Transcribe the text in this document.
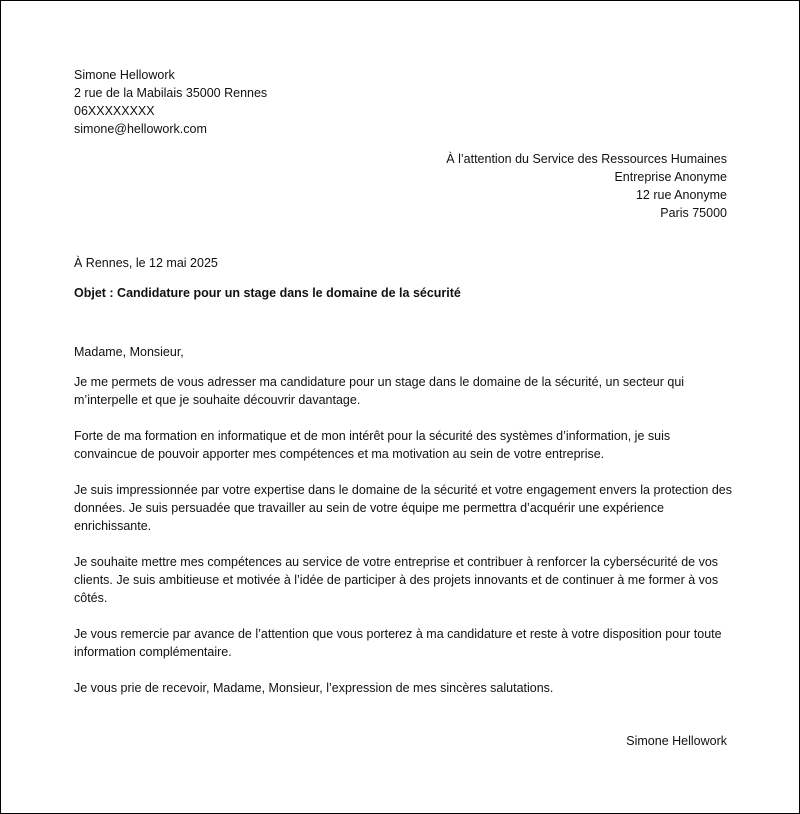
Simone Hellowork
2 rue de la Mabilais 35000 Rennes
06XXXXXXXX
simone@hellowork.com
À l’attention du Service des Ressources Humaines
Entreprise Anonyme
12 rue Anonyme
Paris 75000
À Rennes, le 12 mai 2025
Objet : Candidature pour un stage dans le domaine de la sécurité

Madame, Monsieur,

Je me permets de vous adresser ma candidature pour un stage dans le domaine de la sécurité, un secteur qui m’interpelle et que je souhaite découvrir davantage.

Forte de ma formation en informatique et de mon intérêt pour la sécurité des systèmes d’information, je suis convaincue de pouvoir apporter mes compétences et ma motivation au sein de votre entreprise.

Je suis impressionnée par votre expertise dans le domaine de la sécurité et votre engagement envers la protection des données. Je suis persuadée que travailler au sein de votre équipe me permettra d’acquérir une expérience enrichissante.

Je souhaite mettre mes compétences au service de votre entreprise et contribuer à renforcer la cybersécurité de vos clients. Je suis ambitieuse et motivée à l’idée de participer à des projets innovants et de continuer à me former à vos côtés.

Je vous remercie par avance de l’attention que vous porterez à ma candidature et reste à votre disposition pour toute information complémentaire.

Je vous prie de recevoir, Madame, Monsieur, l’expression de mes sincères salutations.

Simone Hellowork
